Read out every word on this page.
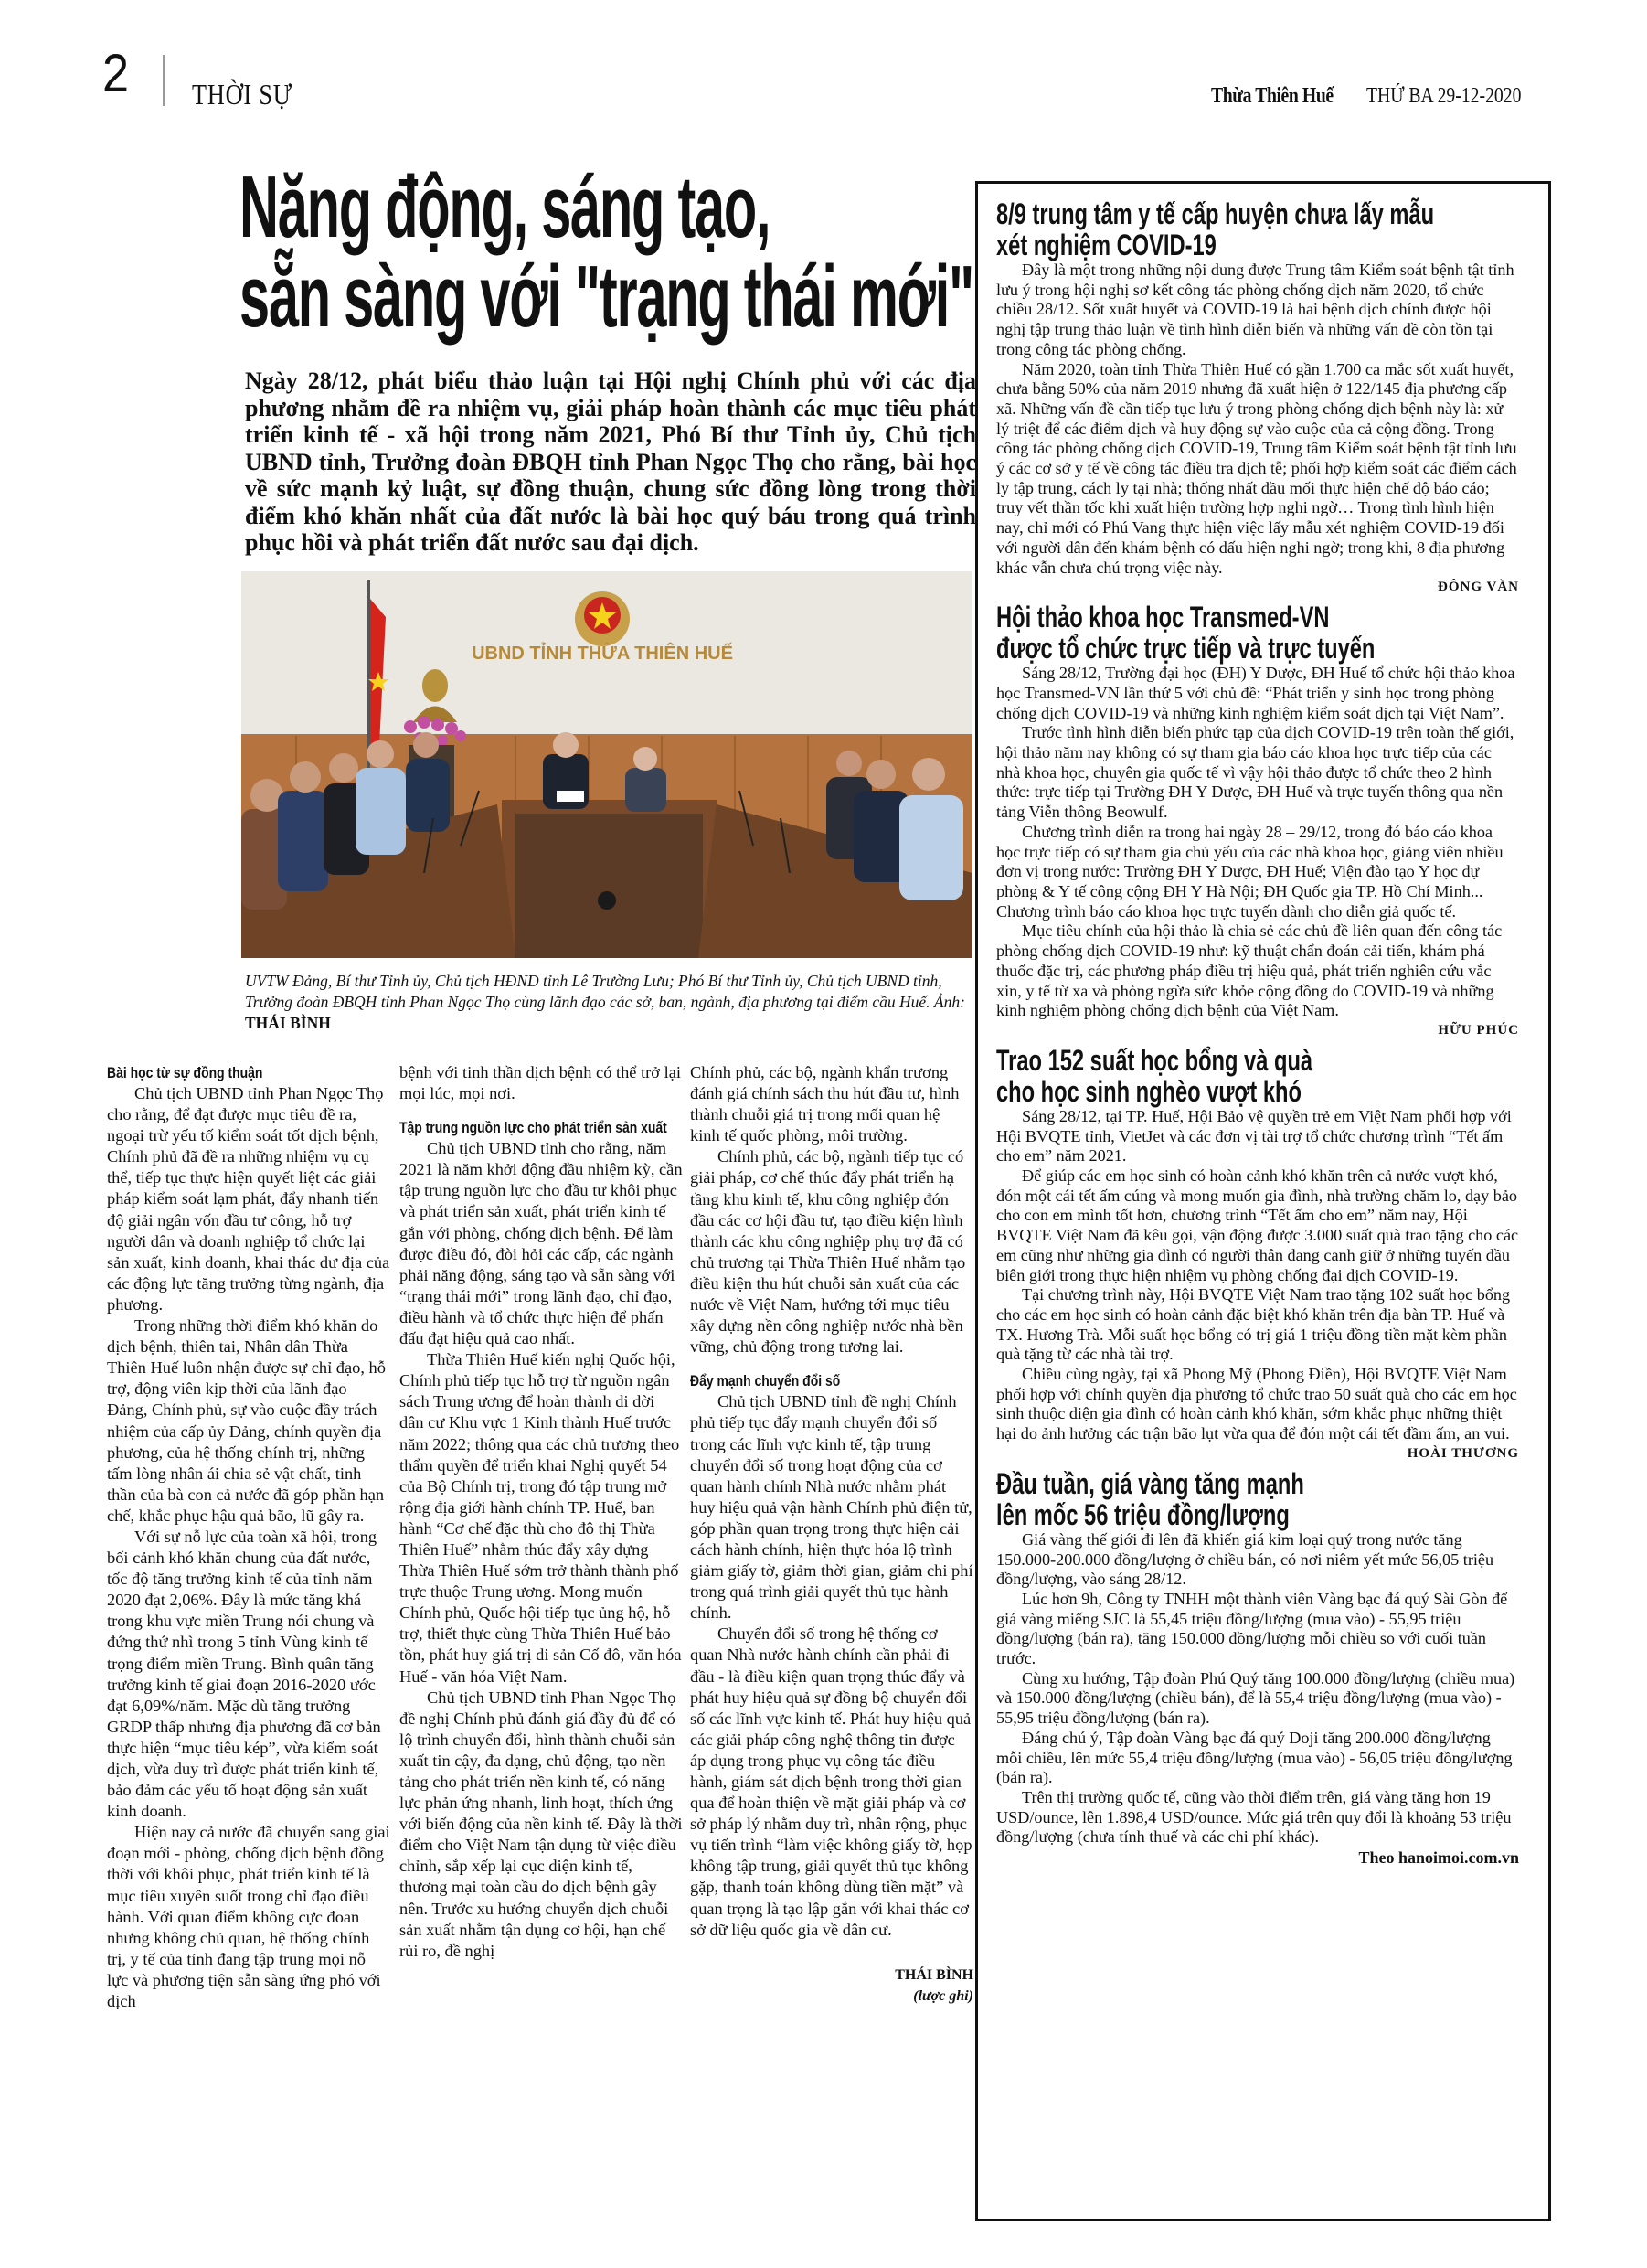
2 THỜI SỰ	Thừa Thiên Huế THỨ BA 29-12-2020
Năng động, sáng tạo,
sẵn sàng với "trạng thái mới"
Ngày 28/12, phát biểu thảo luận tại Hội nghị Chính phủ với các địa phương nhằm đề ra nhiệm vụ, giải pháp hoàn thành các mục tiêu phát triển kinh tế - xã hội trong năm 2021, Phó Bí thư Tỉnh ủy, Chủ tịch UBND tỉnh, Trưởng đoàn ĐBQH tỉnh Phan Ngọc Thọ cho rằng, bài học về sức mạnh kỷ luật, sự đồng thuận, chung sức đồng lòng trong thời điểm khó khăn nhất của đất nước là bài học quý báu trong quá trình phục hồi và phát triển đất nước sau đại dịch.
UBND TỈNH THỪA THIÊN HUẾ
UVTW Đảng, Bí thư Tỉnh ủy, Chủ tịch HĐND tỉnh Lê Trường Lưu; Phó Bí thư Tỉnh ủy, Chủ tịch UBND tỉnh, Trưởng đoàn ĐBQH tỉnh Phan Ngọc Thọ cùng lãnh đạo các sở, ban, ngành, địa phương tại điểm cầu Huế. Ảnh: THÁI BÌNH
Bài học từ sự đồng thuận

Chủ tịch UBND tỉnh Phan Ngọc Thọ cho rằng, để đạt được mục tiêu đề ra, ngoại trừ yếu tố kiểm soát tốt dịch bệnh, Chính phủ đã đề ra những nhiệm vụ cụ thể, tiếp tục thực hiện quyết liệt các giải pháp kiểm soát lạm phát, đẩy nhanh tiến độ giải ngân vốn đầu tư công, hỗ trợ người dân và doanh nghiệp tổ chức lại sản xuất, kinh doanh, khai thác dư địa của các động lực tăng trưởng từng ngành, địa phương.

Trong những thời điểm khó khăn do dịch bệnh, thiên tai, Nhân dân Thừa Thiên Huế luôn nhận được sự chỉ đạo, hỗ trợ, động viên kịp thời của lãnh đạo Đảng, Chính phủ, sự vào cuộc đầy trách nhiệm của cấp ủy Đảng, chính quyền địa phương, của hệ thống chính trị, những tấm lòng nhân ái chia sẻ vật chất, tinh thần của bà con cả nước đã góp phần hạn chế, khắc phục hậu quả bão, lũ gây ra.

Với sự nỗ lực của toàn xã hội, trong bối cảnh khó khăn chung của đất nước, tốc độ tăng trưởng kinh tế của tỉnh năm 2020 đạt 2,06%. Đây là mức tăng khá trong khu vực miền Trung nói chung và đứng thứ nhì trong 5 tỉnh Vùng kinh tế trọng điểm miền Trung. Bình quân tăng trưởng kinh tế giai đoạn 2016-2020 ước đạt 6,09%/năm. Mặc dù tăng trưởng GRDP thấp nhưng địa phương đã cơ bản thực hiện “mục tiêu kép”, vừa kiểm soát dịch, vừa duy trì được phát triển kinh tế, bảo đảm các yếu tố hoạt động sản xuất kinh doanh.

Hiện nay cả nước đã chuyển sang giai đoạn mới - phòng, chống dịch bệnh đồng thời với khôi phục, phát triển kinh tế là mục tiêu xuyên suốt trong chỉ đạo điều hành. Với quan điểm không cực đoan nhưng không chủ quan, hệ thống chính trị, y tế của tỉnh đang tập trung mọi nỗ lực và phương tiện sẵn sàng ứng phó với dịch

bệnh với tinh thần dịch bệnh có thể trở lại mọi lúc, mọi nơi.

Tập trung nguồn lực cho phát triển sản xuất

Chủ tịch UBND tỉnh cho rằng, năm 2021 là năm khởi động đầu nhiệm kỳ, cần tập trung nguồn lực cho đầu tư khôi phục và phát triển sản xuất, phát triển kinh tế gắn với phòng, chống dịch bệnh. Để làm được điều đó, đòi hỏi các cấp, các ngành phải năng động, sáng tạo và sẵn sàng với “trạng thái mới” trong lãnh đạo, chỉ đạo, điều hành và tổ chức thực hiện để phấn đấu đạt hiệu quả cao nhất.

Thừa Thiên Huế kiến nghị Quốc hội, Chính phủ tiếp tục hỗ trợ từ nguồn ngân sách Trung ương để hoàn thành di dời dân cư Khu vực 1 Kinh thành Huế trước năm 2022; thông qua các chủ trương theo thẩm quyền để triển khai Nghị quyết 54 của Bộ Chính trị, trong đó tập trung mở rộng địa giới hành chính TP. Huế, ban hành “Cơ chế đặc thù cho đô thị Thừa Thiên Huế” nhằm thúc đẩy xây dựng Thừa Thiên Huế sớm trở thành thành phố trực thuộc Trung ương. Mong muốn Chính phủ, Quốc hội tiếp tục ủng hộ, hỗ trợ, thiết thực cùng Thừa Thiên Huế bảo tồn, phát huy giá trị di sản Cố đô, văn hóa Huế - văn hóa Việt Nam.

Chủ tịch UBND tỉnh Phan Ngọc Thọ đề nghị Chính phủ đánh giá đầy đủ để có lộ trình chuyển đổi, hình thành chuỗi sản xuất tin cậy, đa dạng, chủ động, tạo nền tảng cho phát triển nền kinh tế, có năng lực phản ứng nhanh, linh hoạt, thích ứng với biến động của nền kinh tế. Đây là thời điểm cho Việt Nam tận dụng từ việc điều chỉnh, sắp xếp lại cục diện kinh tế, thương mại toàn cầu do dịch bệnh gây nên. Trước xu hướng chuyển dịch chuỗi sản xuất nhằm tận dụng cơ hội, hạn chế rủi ro, đề nghị

Chính phủ, các bộ, ngành khẩn trương đánh giá chính sách thu hút đầu tư, hình thành chuỗi giá trị trong mối quan hệ kinh tế quốc phòng, môi trường.

Chính phủ, các bộ, ngành tiếp tục có giải pháp, cơ chế thúc đẩy phát triển hạ tầng khu kinh tế, khu công nghiệp đón đầu các cơ hội đầu tư, tạo điều kiện hình thành các khu công nghiệp phụ trợ đã có chủ trương tại Thừa Thiên Huế nhằm tạo điều kiện thu hút chuỗi sản xuất của các nước về Việt Nam, hướng tới mục tiêu xây dựng nền công nghiệp nước nhà bền vững, chủ động trong tương lai.

Đẩy mạnh chuyển đổi số

Chủ tịch UBND tỉnh đề nghị Chính phủ tiếp tục đẩy mạnh chuyển đổi số trong các lĩnh vực kinh tế, tập trung chuyển đổi số trong hoạt động của cơ quan hành chính Nhà nước nhằm phát huy hiệu quả vận hành Chính phủ điện tử, góp phần quan trọng trong thực hiện cải cách hành chính, hiện thực hóa lộ trình giảm giấy tờ, giảm thời gian, giảm chi phí trong quá trình giải quyết thủ tục hành chính.

Chuyển đổi số trong hệ thống cơ quan Nhà nước hành chính cần phải đi đầu - là điều kiện quan trọng thúc đẩy và phát huy hiệu quả sự đồng bộ chuyển đổi số các lĩnh vực kinh tế. Phát huy hiệu quả các giải pháp công nghệ thông tin được áp dụng trong phục vụ công tác điều hành, giám sát dịch bệnh trong thời gian qua để hoàn thiện về mặt giải pháp và cơ sở pháp lý nhằm duy trì, nhân rộng, phục vụ tiến trình “làm việc không giấy tờ, họp không tập trung, giải quyết thủ tục không gặp, thanh toán không dùng tiền mặt” và quan trọng là tạo lập gắn với khai thác cơ sở dữ liệu quốc gia về dân cư.

THÁI BÌNH
(lược ghi)
8/9 trung tâm y tế cấp huyện chưa lấy mẫu
xét nghiệm COVID-19

Đây là một trong những nội dung được Trung tâm Kiểm soát bệnh tật tỉnh lưu ý trong hội nghị sơ kết công tác phòng chống dịch năm 2020, tổ chức chiều 28/12. Sốt xuất huyết và COVID-19 là hai bệnh dịch chính được hội nghị tập trung thảo luận về tình hình diễn biến và những vấn đề còn tồn tại trong công tác phòng chống.

Năm 2020, toàn tỉnh Thừa Thiên Huế có gần 1.700 ca mắc sốt xuất huyết, chưa bằng 50% của năm 2019 nhưng đã xuất hiện ở 122/145 địa phương cấp xã. Những vấn đề cần tiếp tục lưu ý trong phòng chống dịch bệnh này là: xử lý triệt để các điểm dịch và huy động sự vào cuộc của cả cộng đồng. Trong công tác phòng chống dịch COVID-19, Trung tâm Kiểm soát bệnh tật tỉnh lưu ý các cơ sở y tế về công tác điều tra dịch tễ; phối hợp kiểm soát các điểm cách ly tập trung, cách ly tại nhà; thống nhất đầu mối thực hiện chế độ báo cáo; truy vết thần tốc khi xuất hiện trường hợp nghi ngờ… Trong tình hình hiện nay, chỉ mới có Phú Vang thực hiện việc lấy mẫu xét nghiệm COVID-19 đối với người dân đến khám bệnh có dấu hiện nghi ngờ; trong khi, 8 địa phương khác vẫn chưa chú trọng việc này.

ĐÔNG VĂN
Hội thảo khoa học Transmed-VN
được tổ chức trực tiếp và trực tuyến

Sáng 28/12, Trường đại học (ĐH) Y Dược, ĐH Huế tổ chức hội thảo khoa học Transmed-VN lần thứ 5 với chủ đề: “Phát triển y sinh học trong phòng chống dịch COVID-19 và những kinh nghiệm kiểm soát dịch tại Việt Nam”.

Trước tình hình diễn biến phức tạp của dịch COVID-19 trên toàn thế giới, hội thảo năm nay không có sự tham gia báo cáo khoa học trực tiếp của các nhà khoa học, chuyên gia quốc tế vì vậy hội thảo được tổ chức theo 2 hình thức: trực tiếp tại Trường ĐH Y Dược, ĐH Huế và trực tuyến thông qua nền tảng Viễn thông Beowulf.

Chương trình diễn ra trong hai ngày 28 – 29/12, trong đó báo cáo khoa học trực tiếp có sự tham gia chủ yếu của các nhà khoa học, giảng viên nhiều đơn vị trong nước: Trường ĐH Y Dược, ĐH Huế; Viện đào tạo Y học dự phòng & Y tế công cộng ĐH Y Hà Nội; ĐH Quốc gia TP. Hồ Chí Minh... Chương trình báo cáo khoa học trực tuyến dành cho diễn giả quốc tế.

Mục tiêu chính của hội thảo là chia sẻ các chủ đề liên quan đến công tác phòng chống dịch COVID-19 như: kỹ thuật chẩn đoán cải tiến, khám phá thuốc đặc trị, các phương pháp điều trị hiệu quả, phát triển nghiên cứu vắc xin, y tế từ xa và phòng ngừa sức khỏe cộng đồng do COVID-19 và những kinh nghiệm phòng chống dịch bệnh của Việt Nam.

HỮU PHÚC
Trao 152 suất học bổng và quà
cho học sinh nghèo vượt khó

Sáng 28/12, tại TP. Huế, Hội Bảo vệ quyền trẻ em Việt Nam phối hợp với Hội BVQTE tỉnh, VietJet và các đơn vị tài trợ tổ chức chương trình “Tết ấm cho em” năm 2021.

Để giúp các em học sinh có hoàn cảnh khó khăn trên cả nước vượt khó, đón một cái tết ấm cúng và mong muốn gia đình, nhà trường chăm lo, dạy bảo cho con em mình tốt hơn, chương trình “Tết ấm cho em” năm nay, Hội BVQTE Việt Nam đã kêu gọi, vận động được 3.000 suất quà trao tặng cho các em cũng như những gia đình có người thân đang canh giữ ở những tuyến đầu biên giới trong thực hiện nhiệm vụ phòng chống đại dịch COVID-19.

Tại chương trình này, Hội BVQTE Việt Nam trao tặng 102 suất học bổng cho các em học sinh có hoàn cảnh đặc biệt khó khăn trên địa bàn TP. Huế và TX. Hương Trà. Mỗi suất học bổng có trị giá 1 triệu đồng tiền mặt kèm phần quà tặng từ các nhà tài trợ.

Chiều cùng ngày, tại xã Phong Mỹ (Phong Điền), Hội BVQTE Việt Nam phối hợp với chính quyền địa phương tổ chức trao 50 suất quà cho các em học sinh thuộc diện gia đình có hoàn cảnh khó khăn, sớm khắc phục những thiệt hại do ảnh hưởng các trận bão lụt vừa qua để đón một cái tết đầm ấm, an vui.

HOÀI THƯƠNG
Đầu tuần, giá vàng tăng mạnh
lên mốc 56 triệu đồng/lượng

Giá vàng thế giới đi lên đã khiến giá kim loại quý trong nước tăng 150.000-200.000 đồng/lượng ở chiều bán, có nơi niêm yết mức 56,05 triệu đồng/lượng, vào sáng 28/12.

Lúc hơn 9h, Công ty TNHH một thành viên Vàng bạc đá quý Sài Gòn để giá vàng miếng SJC là 55,45 triệu đồng/lượng (mua vào) - 55,95 triệu đồng/lượng (bán ra), tăng 150.000 đồng/lượng mỗi chiều so với cuối tuần trước.

Cùng xu hướng, Tập đoàn Phú Quý tăng 100.000 đồng/lượng (chiều mua) và 150.000 đồng/lượng (chiều bán), để là 55,4 triệu đồng/lượng (mua vào) - 55,95 triệu đồng/lượng (bán ra).

Đáng chú ý, Tập đoàn Vàng bạc đá quý Doji tăng 200.000 đồng/lượng mỗi chiều, lên mức 55,4 triệu đồng/lượng (mua vào) - 56,05 triệu đồng/lượng (bán ra).

Trên thị trường quốc tế, cũng vào thời điểm trên, giá vàng tăng hơn 19 USD/ounce, lên 1.898,4 USD/ounce. Mức giá trên quy đổi là khoảng 53 triệu đồng/lượng (chưa tính thuế và các chi phí khác).

Theo hanoimoi.com.vn
